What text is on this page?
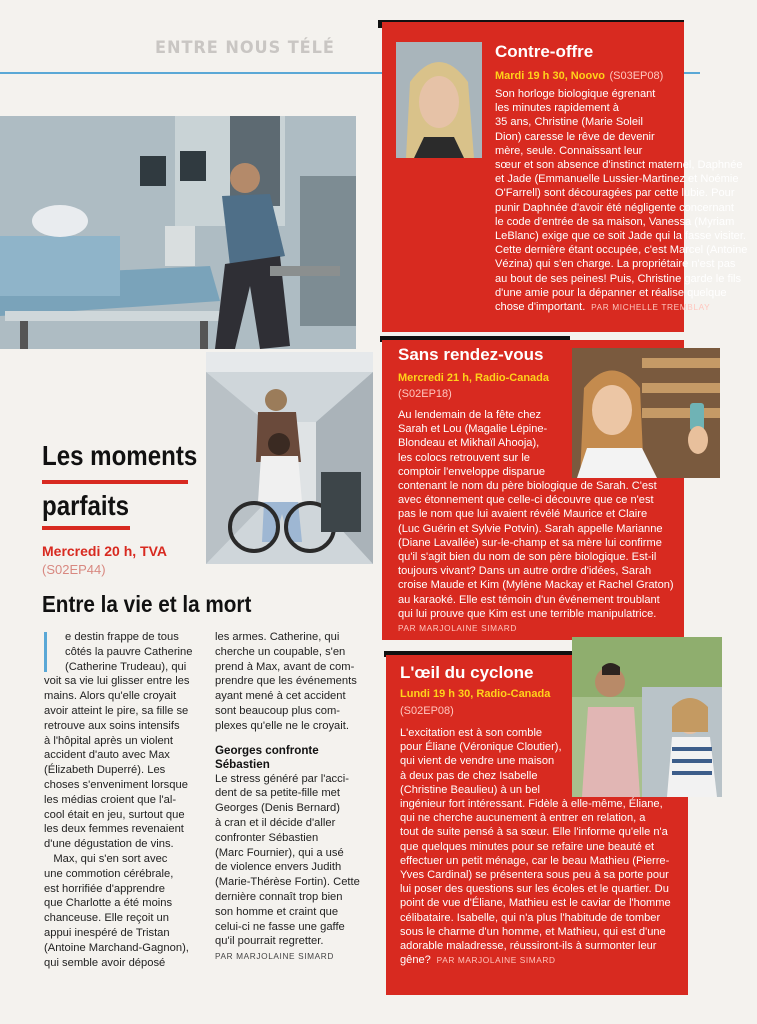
ENTRE NOUS TÉLÉ	Contre-offre
Mardi 19 h 30, Noovo (S03EP08)
Son horloge biologique égrenant
les minutes rapidement à
35 ans, Christine (Marie Soleil
Dion) caresse le rêve de devenir
mère, seule. Connaissant leur
sœur et son absence d'instinct maternel, Daphnée
et Jade (Emmanuelle Lussier-Martinez et Noémie
O'Farrell) sont découragées par cette lubie. Pour
punir Daphnée d'avoir été négligente concernant
le code d'entrée de sa maison, Vanessa (Myriam
LeBlanc) exige que ce soit Jade qui la fasse visiter.
Cette dernière étant occupée, c'est Marcel (Antoine
Vézina) qui s'en charge. La propriétaire n'est pas
au bout de ses peines! Puis, Christine garde le fils
d'une amie pour la dépanner et réalise quelque
chose d'important.  PAR MICHELLE TREMBLAY
Sans rendez-vous
Mercredi 21 h, Radio-Canada
(S02EP18)
Au lendemain de la fête chez
Sarah et Lou (Magalie Lépine-
Blondeau et Mikhaïl Ahooja),
les colocs retrouvent sur le
comptoir l'enveloppe disparue
contenant le nom du père biologique de Sarah. C'est
avec étonnement que celle-ci découvre que ce n'est
pas le nom que lui avaient révélé Maurice et Claire
(Luc Guérin et Sylvie Potvin). Sarah appelle Marianne
(Diane Lavallée) sur-le-champ et sa mère lui confirme
qu'il s'agit bien du nom de son père biologique. Est-il
toujours vivant? Dans un autre ordre d'idées, Sarah
croise Maude et Kim (Mylène Mackay et Rachel Graton)
au karaoké. Elle est témoin d'un événement troublant
qui lui prouve que Kim est une terrible manipulatrice.
PAR MARJOLAINE SIMARD
L'œil du cyclone
Lundi 19 h 30, Radio-Canada
(S02EP08)
L'excitation est à son comble
pour Éliane (Véronique Cloutier),
qui vient de vendre une maison
à deux pas de chez Isabelle
(Christine Beaulieu) à un bel
ingénieur fort intéressant. Fidèle à elle-même, Éliane,
qui ne cherche aucunement à entrer en relation, a
tout de suite pensé à sa sœur. Elle l'informe qu'elle n'a
que quelques minutes pour se refaire une beauté et
effectuer un petit ménage, car le beau Mathieu (Pierre-
Yves Cardinal) se présentera sous peu à sa porte pour
lui poser des questions sur les écoles et le quartier. Du
point de vue d'Éliane, Mathieu est le caviar de l'homme
célibataire. Isabelle, qui n'a plus l'habitude de tomber
sous le charme d'un homme, et Mathieu, qui est d'une
adorable maladresse, réussiront-ils à surmonter leur
gêne?  PAR MARJOLAINE SIMARD
Les moments
parfaits
Mercredi 20 h, TVA
(S02EP44)
Entre la vie et la mort
e destin frappe de tous
côtés la pauvre Catherine
(Catherine Trudeau), qui
voit sa vie lui glisser entre les
mains. Alors qu'elle croyait
avoir atteint le pire, sa fille se
retrouve aux soins intensifs
à l'hôpital après un violent
accident d'auto avec Max
(Élizabeth Duperré). Les
choses s'enveniment lorsque
les médias croient que l'al-
cool était en jeu, surtout que
les deux femmes revenaient
d'une dégustation de vins.
Max, qui s'en sort avec
une commotion cérébrale,
est horrifiée d'apprendre
que Charlotte a été moins
chanceuse. Elle reçoit un
appui inespéré de Tristan
(Antoine Marchand-Gagnon),
qui semble avoir déposé
les armes. Catherine, qui
cherche un coupable, s'en
prend à Max, avant de com-
prendre que les événements
ayant mené à cet accident
sont beaucoup plus com-
plexes qu'elle ne le croyait.
Georges confronte
Sébastien
Le stress généré par l'acci-
dent de sa petite-fille met
Georges (Denis Bernard)
à cran et il décide d'aller
confronter Sébastien
(Marc Fournier), qui a usé
de violence envers Judith
(Marie-Thérèse Fortin). Cette
dernière connaît trop bien
son homme et craint que
celui-ci ne fasse une gaffe
qu'il pourrait regretter.
PAR MARJOLAINE SIMARD
